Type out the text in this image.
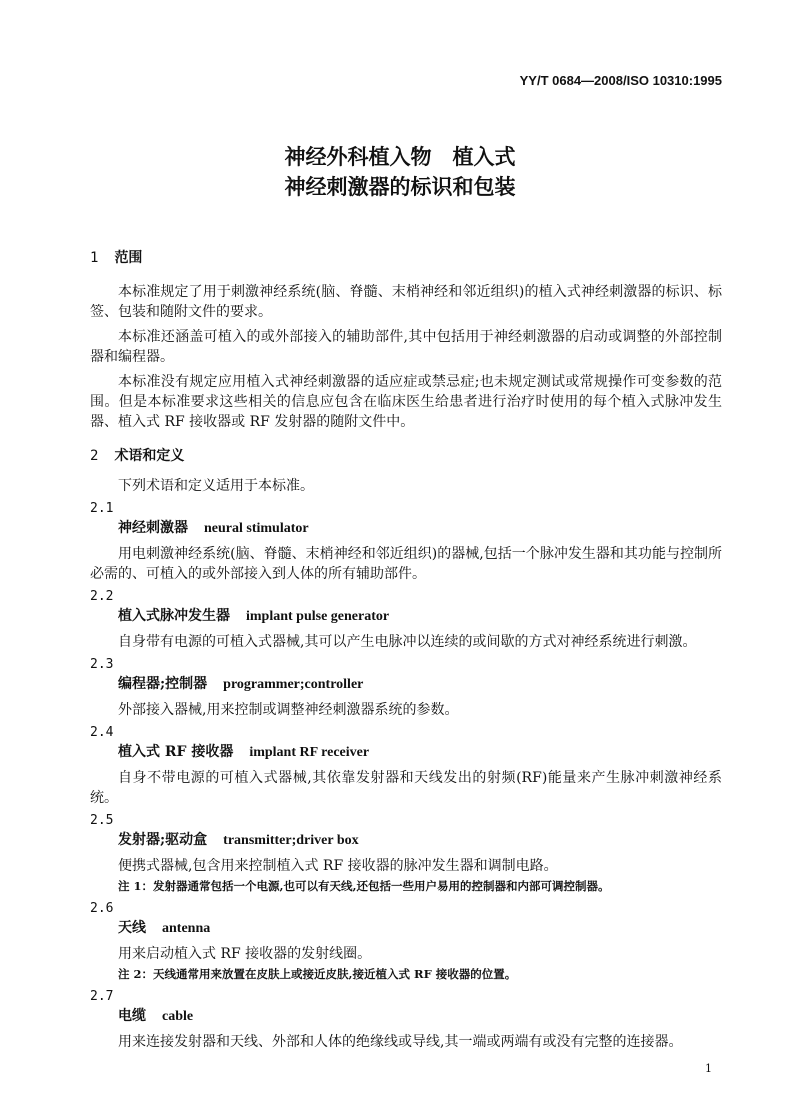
YY/T 0684—2008/ISO 10310:1995
神经外科植入物　植入式
神经刺激器的标识和包装
1 范围

本标准规定了用于刺激神经系统(脑、脊髓、末梢神经和邻近组织)的植入式神经刺激器的标识、标签、包装和随附文件的要求。

本标准还涵盖可植入的或外部接入的辅助部件,其中包括用于神经刺激器的启动或调整的外部控制器和编程器。

本标准没有规定应用植入式神经刺激器的适应症或禁忌症;也未规定测试或常规操作可变参数的范围。但是本标准要求这些相关的信息应包含在临床医生给患者进行治疗时使用的每个植入式脉冲发生器、植入式 RF 接收器或 RF 发射器的随附文件中。

2 术语和定义

下列术语和定义适用于本标准。

2.1
神经刺激器 neural stimulator

用电刺激神经系统(脑、脊髓、末梢神经和邻近组织)的器械,包括一个脉冲发生器和其功能与控制所必需的、可植入的或外部接入到人体的所有辅助部件。

2.2
植入式脉冲发生器 implant pulse generator

自身带有电源的可植入式器械,其可以产生电脉冲以连续的或间歇的方式对神经系统进行刺激。

2.3
编程器;控制器 programmer;controller

外部接入器械,用来控制或调整神经刺激器系统的参数。

2.4
植入式 RF 接收器 implant RF receiver

自身不带电源的可植入式器械,其依靠发射器和天线发出的射频(RF)能量来产生脉冲刺激神经系统。

2.5
发射器;驱动盒 transmitter;driver box

便携式器械,包含用来控制植入式 RF 接收器的脉冲发生器和调制电路。

注 1：发射器通常包括一个电源,也可以有天线,还包括一些用户易用的控制器和内部可调控制器。
2.6
天线 antenna

用来启动植入式 RF 接收器的发射线圈。

注 2：天线通常用来放置在皮肤上或接近皮肤,接近植入式 RF 接收器的位置。
2.7
电缆 cable

用来连接发射器和天线、外部和人体的绝缘线或导线,其一端或两端有或没有完整的连接器。

1
